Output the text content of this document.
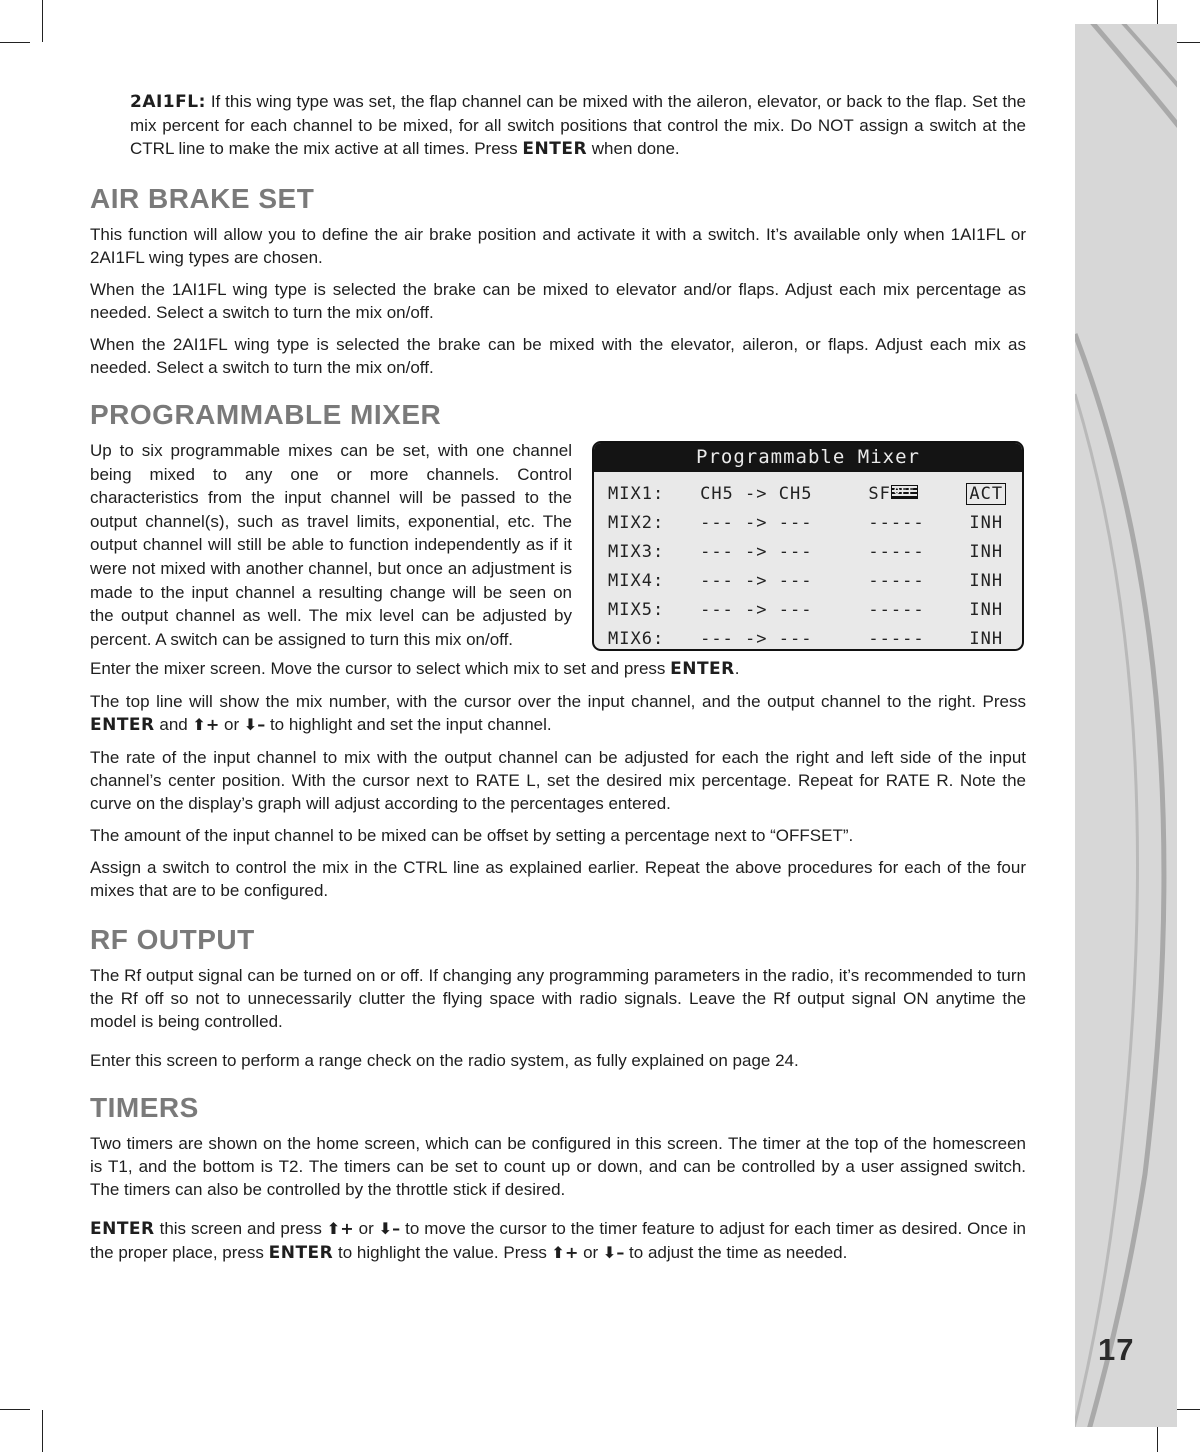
17

2AI1FL: If this wing type was set, the flap channel can be mixed with the aileron, elevator, or back to the flap. Set the mix percent for each channel to be mixed, for all switch positions that control the mix. Do NOT assign a switch at the CTRL line to make the mix active at all times. Press ENTER when done.

AIR BRAKE SET

This function will allow you to define the air brake position and activate it with a switch. It’s available only when 1AI1FL or 2AI1FL wing types are chosen.

When the 1AI1FL wing type is selected the brake can be mixed to elevator and/or flaps. Adjust each mix percentage as needed. Select a switch to turn the mix on/off.

When the 2AI1FL wing type is selected the brake can be mixed with the elevator, aileron, or flaps. Adjust each mix as needed. Select a switch to turn the mix on/off.

PROGRAMMABLE MIXER

Up to six programmable mixes can be set, with one channel being mixed to any one or more channels. Control characteristics from the input channel will be passed to the output channel(s), such as travel limits, exponential, etc. The output channel will still be able to function independently as if it were not mixed with another channel, but once an adjustment is made to the input channel a resulting change will be seen on the output channel as well. The mix level can be adjusted by percent. A switch can be assigned to turn this mix on/off.

Programmable Mixer
MIX1:	CH5 -> CH5	SF OFF	ACT
MIX2:	--- -> ---	-----	INH
MIX3:	--- -> ---	-----	INH
MIX4:	--- -> ---	-----	INH
MIX5:	--- -> ---	-----	INH
MIX6:	--- -> ---	-----	INH

Enter the mixer screen. Move the cursor to select which mix to set and press ENTER.

The top line will show the mix number, with the cursor over the input channel, and the output channel to the right. Press ENTER and ⬆+ or ⬇– to highlight and set the input channel.

The rate of the input channel to mix with the output channel can be adjusted for each the right and left side of the input channel’s center position. With the cursor next to RATE L, set the desired mix percentage. Repeat for RATE R. Note the curve on the display’s graph will adjust according to the percentages entered.

The amount of the input channel to be mixed can be offset by setting a percentage next to “OFFSET”.

Assign a switch to control the mix in the CTRL line as explained earlier. Repeat the above procedures for each of the four mixes that are to be configured.

RF OUTPUT

The Rf output signal can be turned on or off. If changing any programming parameters in the radio, it’s recommended to turn the Rf off so not to unnecessarily clutter the flying space with radio signals. Leave the Rf output signal ON anytime the model is being controlled.

Enter this screen to perform a range check on the radio system, as fully explained on page 24.

TIMERS

Two timers are shown on the home screen, which can be configured in this screen. The timer at the top of the homescreen is T1, and the bottom is T2. The timers can be set to count up or down, and can be controlled by a user assigned switch. The timers can also be controlled by the throttle stick if desired.

ENTER this screen and press ⬆+ or ⬇– to move the cursor to the timer feature to adjust for each timer as desired. Once in the proper place, press ENTER to highlight the value. Press ⬆+ or ⬇– to adjust the time as needed.
